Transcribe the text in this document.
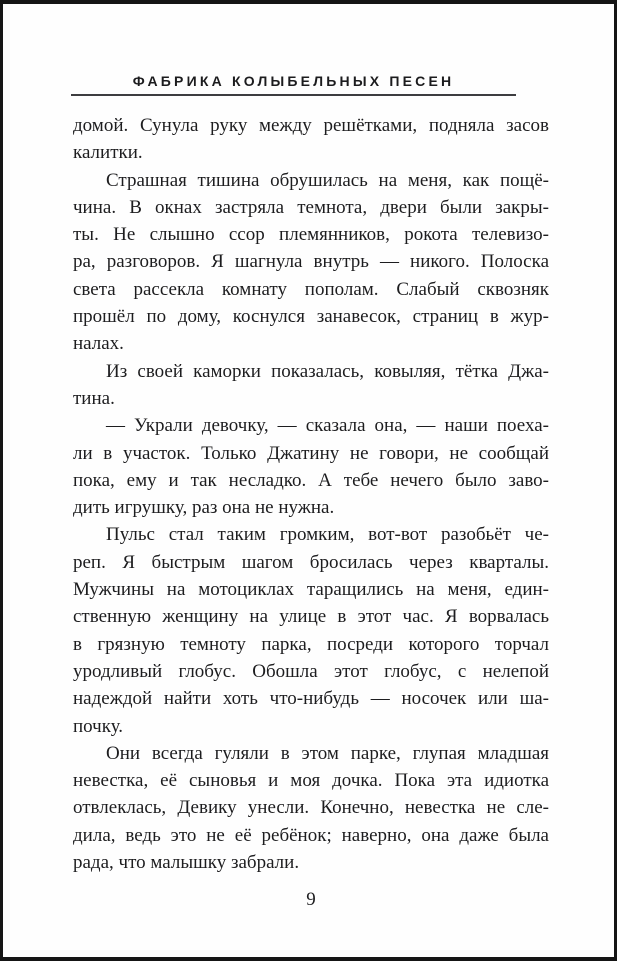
ФАБРИКА КОЛЫБЕЛЬНЫХ ПЕСЕН
домой. Сунула руку между решётками, подняла засов
калитки.
Страшная тишина обрушилась на меня, как пощё-
чина. В окнах застряла темнота, двери были закры-
ты. Не слышно ссор племянников, рокота телевизо-
ра, разговоров. Я шагнула внутрь — никого. Полоска
света рассекла комнату пополам. Слабый сквозняк
прошёл по дому, коснулся занавесок, страниц в жур-
налах.
Из своей каморки показалась, ковыляя, тётка Джа-
тина.
— Украли девочку, — сказала она, — наши поеха-
ли в участок. Только Джатину не говори, не сообщай
пока, ему и так несладко. А тебе нечего было заво-
дить игрушку, раз она не нужна.
Пульс стал таким громким, вот-вот разобьёт че-
реп. Я быстрым шагом бросилась через кварталы.
Мужчины на мотоциклах таращились на меня, един-
ственную женщину на улице в этот час. Я ворвалась
в грязную темноту парка, посреди которого торчал
уродливый глобус. Обошла этот глобус, с нелепой
надеждой найти хоть что-нибудь — носочек или ша-
почку.
Они всегда гуляли в этом парке, глупая младшая
невестка, её сыновья и моя дочка. Пока эта идиотка
отвлеклась, Девику унесли. Конечно, невестка не сле-
дила, ведь это не её ребёнок; наверно, она даже была
рада, что малышку забрали.
9
